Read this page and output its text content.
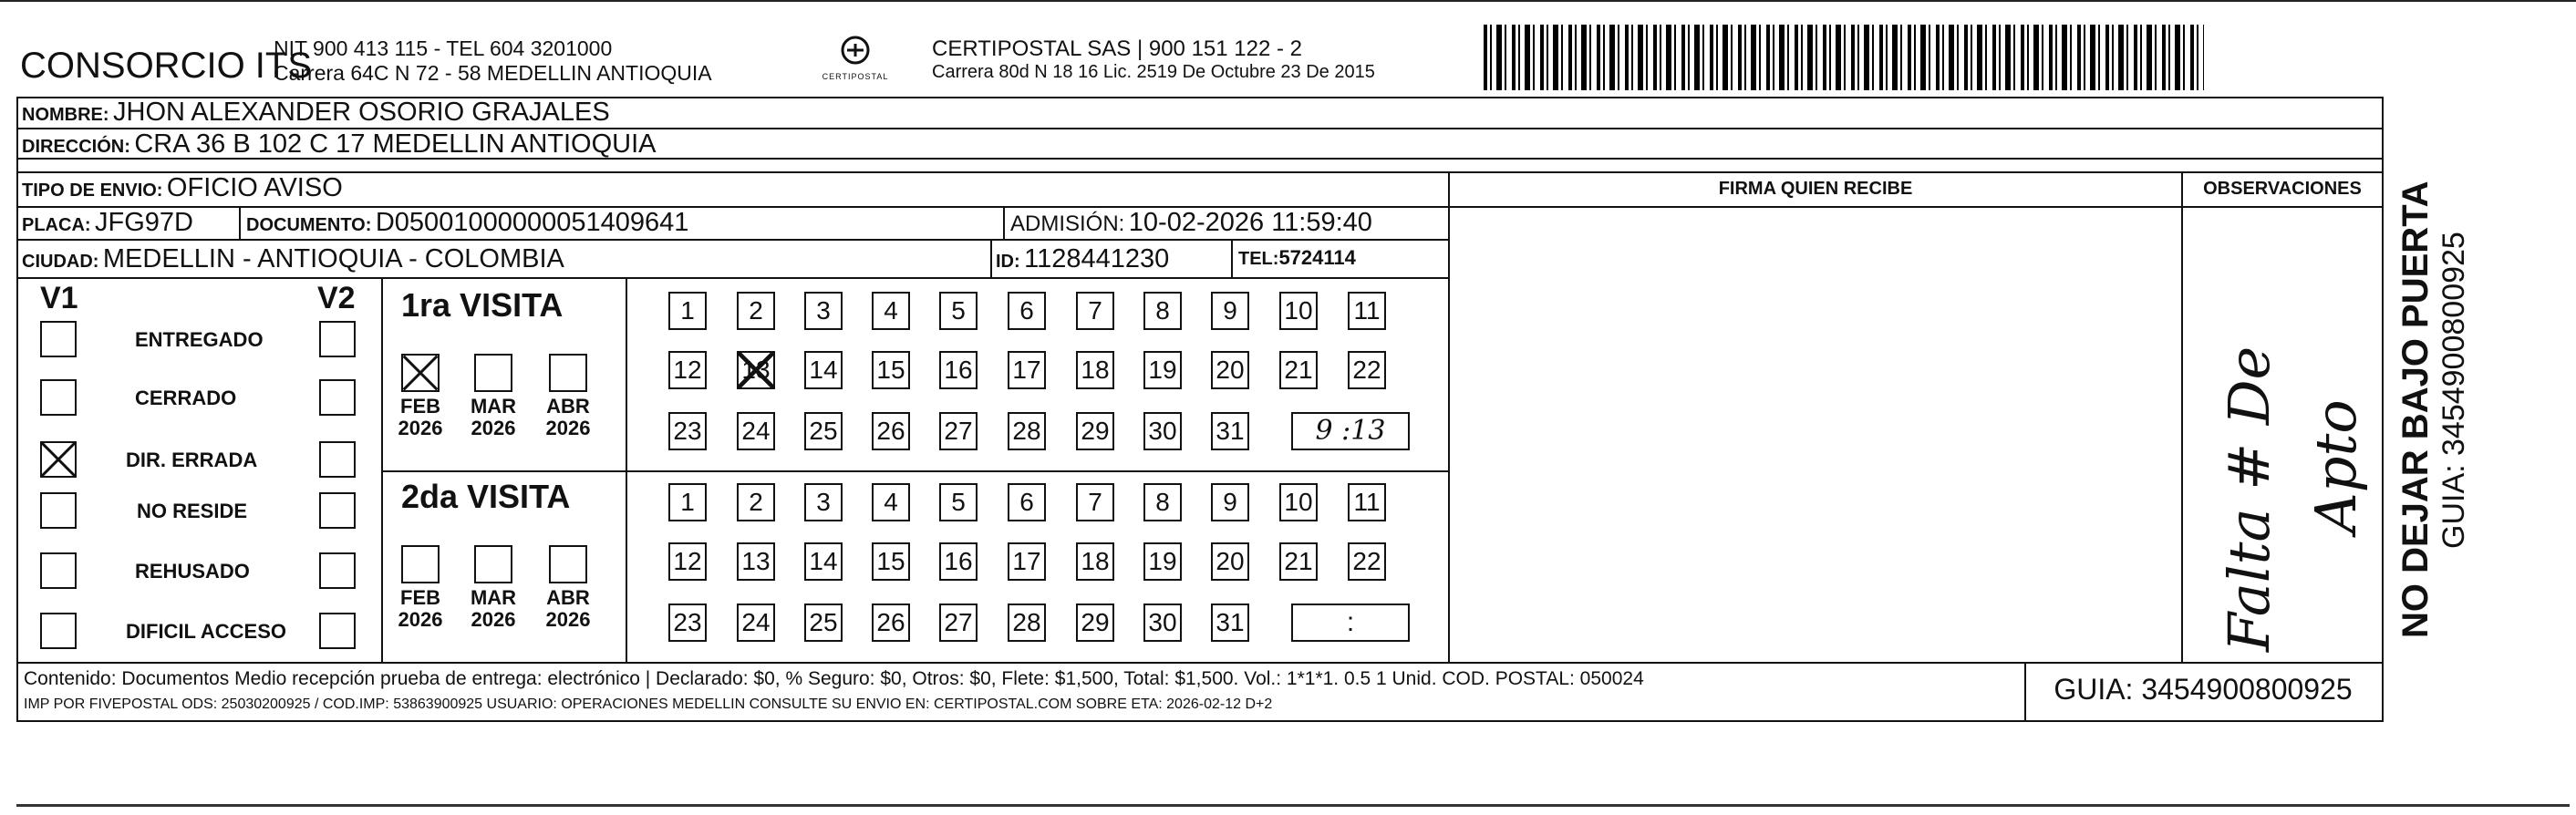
CONSORCIO ITS
NIT 900 413 115 - TEL 604 3201000
Carrera 64C N 72 - 58 MEDELLIN ANTIOQUIA	CERTIPOSTAL
CERTIPOSTAL SAS | 900 151 122 - 2
Carrera 80d N 18 16 Lic. 2519 De Octubre 23 De 2015
NOMBRE: JHON ALEXANDER OSORIO GRAJALES
DIRECCIÓN: CRA 36 B 102 C 17 MEDELLIN ANTIOQUIA
TIPO DE ENVIO: OFICIO AVISO	FIRMA QUIEN RECIBE	OBSERVACIONES
PLACA: JFG97D	DOCUMENTO: D05001000000051409641	ADMISIÓN: 10-02-2026 11:59:40
CIUDAD: MEDELLIN - ANTIOQUIA - COLOMBIA	ID: 1128441230	TEL:5724114
V1	V2
ENTREGADO
CERRADO
DIR. ERRADA
NO RESIDE
REHUSADO
DIFICIL ACCESO
1ra VISITA
FEB
2026
MAR
2026
ABR
2026
1	2	3	4	5	6	7	8	9	10 11
12 13 14 15 16 17 18 19 20 21 22
23 24 25 26 27 28 29 30 31	9 :13
2da VISITA
FEB
2026
MAR
2026
ABR
2026
1	2	3	4	5	6	7	8	9	10 11
12 13 14 15 16 17 18 19 20 21 22
23 24 25 26 27 28 29 30 31	:	Falta # De Apto
Contenido: Documentos Medio recepción prueba de entrega: electrónico | Declarado: $0, % Seguro: $0, Otros: $0, Flete: $1,500, Total: $1,500. Vol.: 1*1*1. 0.5 1 Unid. COD. POSTAL: 050024
IMP POR FIVEPOSTAL ODS: 25030200925 / COD.IMP: 53863900925 USUARIO: OPERACIONES MEDELLIN CONSULTE SU ENVIO EN: CERTIPOSTAL.COM SOBRE ETA: 2026-02-12 D+2	GUIA: 3454900800925
NO DEJAR BAJO PUERTA GUIA: 3454900800925
